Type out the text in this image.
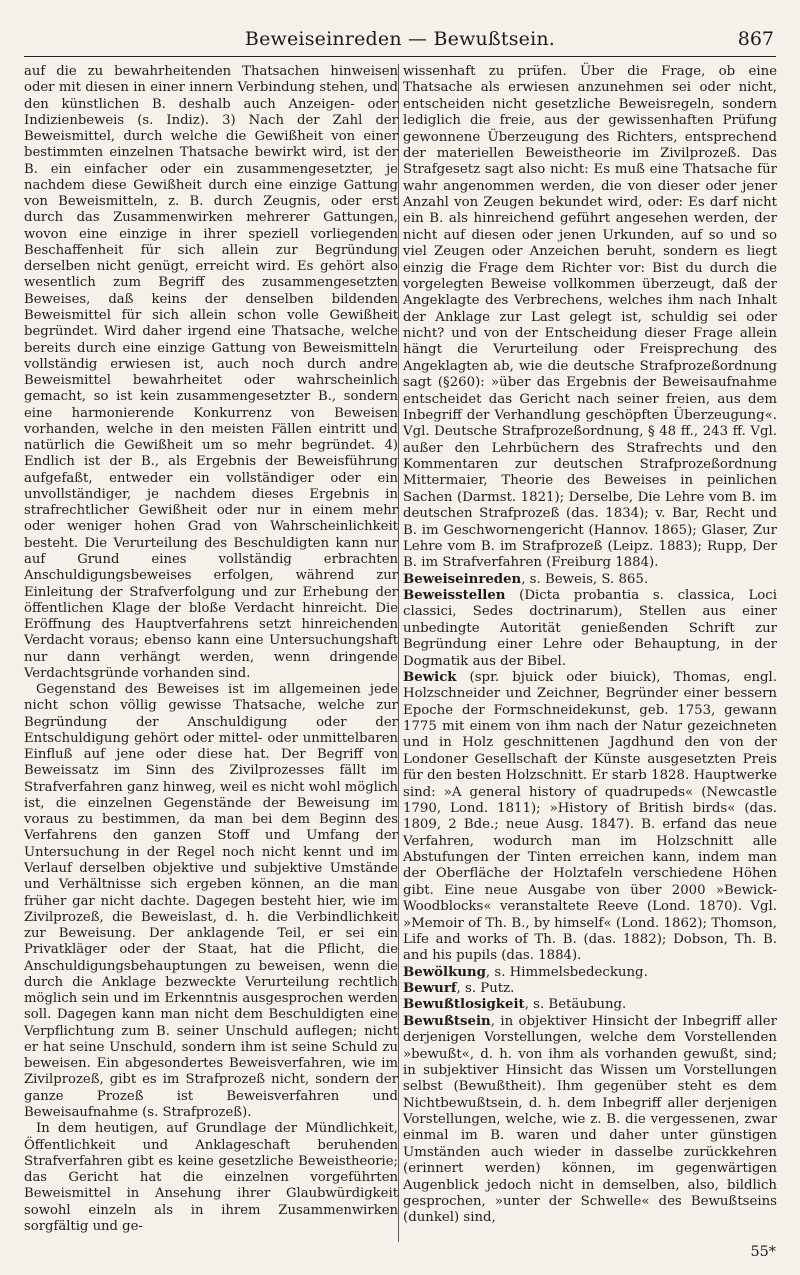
Beweiseinreden — Bewußtsein.	867

auf die zu bewahrheitenden Thatsachen hinweisen oder mit diesen in einer innern Verbindung stehen, und den künstlichen B. deshalb auch Anzeigen- oder Indizienbeweis (s. Indiz). 3) Nach der Zahl der Beweismittel, durch welche die Gewißheit von einer bestimmten einzelnen Thatsache bewirkt wird, ist der B. ein einfacher oder ein zusammengesetzter, je nachdem diese Gewißheit durch eine einzige Gattung von Beweismitteln, z. B. durch Zeugnis, oder erst durch das Zusammenwirken mehrerer Gattungen, wovon eine einzige in ihrer speziell vorliegenden Beschaffenheit für sich allein zur Begründung derselben nicht genügt, erreicht wird. Es gehört also wesentlich zum Begriff des zusammengesetzten Beweises, daß keins der denselben bildenden Beweismittel für sich allein schon volle Gewißheit begründet. Wird daher irgend eine Thatsache, welche bereits durch eine einzige Gattung von Beweismitteln vollständig erwiesen ist, auch noch durch andre Beweismittel bewahrheitet oder wahrscheinlich gemacht, so ist kein zusammengesetzter B., sondern eine harmonierende Konkurrenz von Beweisen vorhanden, welche in den meisten Fällen eintritt und natürlich die Gewißheit um so mehr begründet. 4) Endlich ist der B., als Ergebnis der Beweisführung aufgefaßt, entweder ein vollständiger oder ein unvollständiger, je nachdem dieses Ergebnis in strafrechtlicher Gewißheit oder nur in einem mehr oder weniger hohen Grad von Wahrscheinlichkeit besteht. Die Verurteilung des Beschuldigten kann nur auf Grund eines vollständig erbrachten Anschuldigungsbeweises erfolgen, während zur Einleitung der Strafverfolgung und zur Erhebung der öffentlichen Klage der bloße Verdacht hinreicht. Die Eröffnung des Hauptverfahrens setzt hinreichenden Verdacht voraus; ebenso kann eine Untersuchungshaft nur dann verhängt werden, wenn dringende Verdachtsgründe vorhanden sind.

Gegenstand des Beweises ist im allgemeinen jede nicht schon völlig gewisse Thatsache, welche zur Begründung der Anschuldigung oder der Entschuldigung gehört oder mittel- oder unmittelbaren Einfluß auf jene oder diese hat. Der Begriff von Beweissatz im Sinn des Zivilprozesses fällt im Strafverfahren ganz hinweg, weil es nicht wohl möglich ist, die einzelnen Gegenstände der Beweisung im voraus zu bestimmen, da man bei dem Beginn des Verfahrens den ganzen Stoff und Umfang der Untersuchung in der Regel noch nicht kennt und im Verlauf derselben objektive und subjektive Umstände und Verhältnisse sich ergeben können, an die man früher gar nicht dachte. Dagegen besteht hier, wie im Zivilprozeß, die Beweislast, d. h. die Verbindlichkeit zur Beweisung. Der anklagende Teil, er sei ein Privatkläger oder der Staat, hat die Pflicht, die Anschuldigungsbehauptungen zu beweisen, wenn die durch die Anklage bezweckte Verurteilung rechtlich möglich sein und im Erkenntnis ausgesprochen werden soll. Dagegen kann man nicht dem Beschuldigten eine Verpflichtung zum B. seiner Unschuld auflegen; nicht er hat seine Unschuld, sondern ihm ist seine Schuld zu beweisen. Ein abgesondertes Beweisverfahren, wie im Zivilprozeß, gibt es im Strafprozeß nicht, sondern der ganze Prozeß ist Beweisverfahren und Beweisaufnahme (s. Strafprozeß).

In dem heutigen, auf Grundlage der Mündlichkeit, Öffentlichkeit und Anklageschaft beruhenden Strafverfahren gibt es keine gesetzliche Beweistheorie; das Gericht hat die einzelnen vorgeführten Beweismittel in Ansehung ihrer Glaubwürdigkeit sowohl einzeln als in ihrem Zusammenwirken sorgfältig und ge-

wissenhaft zu prüfen. Über die Frage, ob eine Thatsache als erwiesen anzunehmen sei oder nicht, entscheiden nicht gesetzliche Beweisregeln, sondern lediglich die freie, aus der gewissenhaften Prüfung gewonnene Überzeugung des Richters, entsprechend der materiellen Beweistheorie im Zivilprozeß. Das Strafgesetz sagt also nicht: Es muß eine Thatsache für wahr angenommen werden, die von dieser oder jener Anzahl von Zeugen bekundet wird, oder: Es darf nicht ein B. als hinreichend geführt angesehen werden, der nicht auf diesen oder jenen Urkunden, auf so und so viel Zeugen oder Anzeichen beruht, sondern es liegt einzig die Frage dem Richter vor: Bist du durch die vorgelegten Beweise vollkommen überzeugt, daß der Angeklagte des Verbrechens, welches ihm nach Inhalt der Anklage zur Last gelegt ist, schuldig sei oder nicht? und von der Entscheidung dieser Frage allein hängt die Verurteilung oder Freisprechung des Angeklagten ab, wie die deutsche Strafprozeßordnung sagt (§260): »über das Ergebnis der Beweisaufnahme entscheidet das Gericht nach seiner freien, aus dem Inbegriff der Verhandlung geschöpften Überzeugung«. Vgl. Deutsche Strafprozeßordnung, § 48 ff., 243 ff. Vgl. außer den Lehrbüchern des Strafrechts und den Kommentaren zur deutschen Strafprozeßordnung Mittermaier, Theorie des Beweises in peinlichen Sachen (Darmst. 1821); Derselbe, Die Lehre vom B. im deutschen Strafprozeß (das. 1834); v. Bar, Recht und B. im Geschwornengericht (Hannov. 1865); Glaser, Zur Lehre vom B. im Strafprozeß (Leipz. 1883); Rupp, Der B. im Strafverfahren (Freiburg 1884).

Beweiseinreden, s. Beweis, S. 865.

Beweisstellen (Dicta probantia s. classica, Loci classici, Sedes doctrinarum), Stellen aus einer unbedingte Autorität genießenden Schrift zur Begründung einer Lehre oder Behauptung, in der Dogmatik aus der Bibel.

Bewick (spr. bjuick oder biuick), Thomas, engl. Holzschneider und Zeichner, Begründer einer bessern Epoche der Formschneidekunst, geb. 1753, gewann 1775 mit einem von ihm nach der Natur gezeichneten und in Holz geschnittenen Jagdhund den von der Londoner Gesellschaft der Künste ausgesetzten Preis für den besten Holzschnitt. Er starb 1828. Hauptwerke sind: »A general history of quadrupeds« (Newcastle 1790, Lond. 1811); »History of British birds« (das. 1809, 2 Bde.; neue Ausg. 1847). B. erfand das neue Verfahren, wodurch man im Holzschnitt alle Abstufungen der Tinten erreichen kann, indem man der Oberfläche der Holztafeln verschiedene Höhen gibt. Eine neue Ausgabe von über 2000 »Bewick-Woodblocks« veranstaltete Reeve (Lond. 1870). Vgl. »Memoir of Th. B., by himself« (Lond. 1862); Thomson, Life and works of Th. B. (das. 1882); Dobson, Th. B. and his pupils (das. 1884).

Bewölkung, s. Himmelsbedeckung.

Bewurf, s. Putz.

Bewußtlosigkeit, s. Betäubung.

Bewußtsein, in objektiver Hinsicht der Inbegriff aller derjenigen Vorstellungen, welche dem Vorstellenden »bewußt«, d. h. von ihm als vorhanden gewußt, sind; in subjektiver Hinsicht das Wissen um Vorstellungen selbst (Bewußtheit). Ihm gegenüber steht es dem Nichtbewußtsein, d. h. dem Inbegriff aller derjenigen Vorstellungen, welche, wie z. B. die vergessenen, zwar einmal im B. waren und daher unter günstigen Umständen auch wieder in dasselbe zurückkehren (erinnert werden) können, im gegenwärtigen Augenblick jedoch nicht in demselben, also, bildlich gesprochen, »unter der Schwelle« des Bewußtseins (dunkel) sind,

55*
